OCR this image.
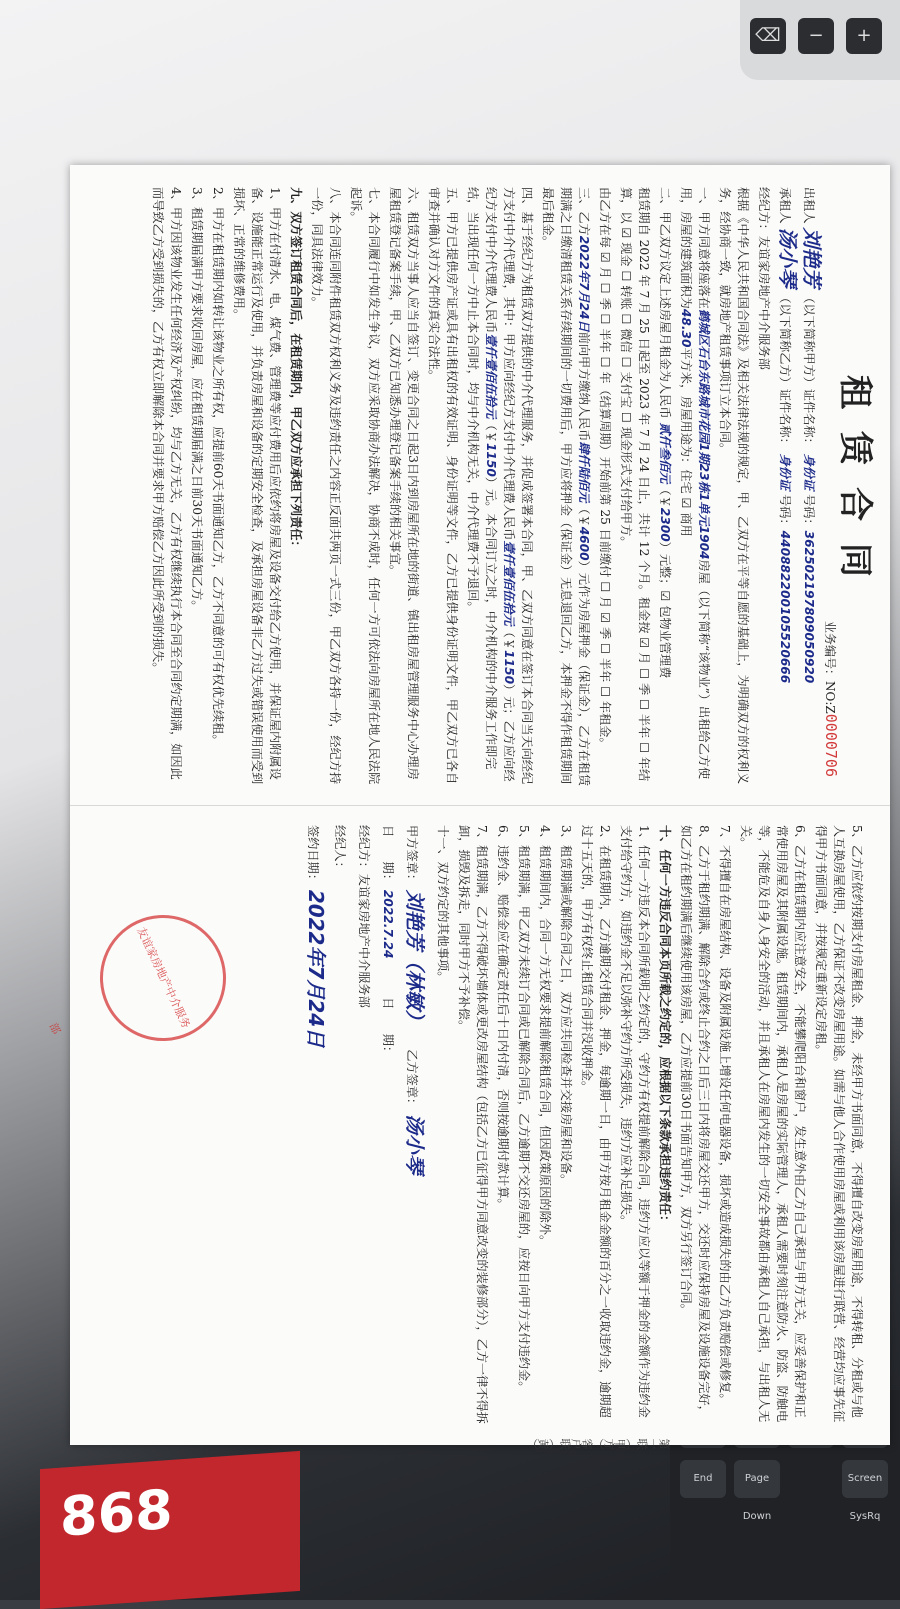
⌫	−	+
868	End	Page Down
Screen SysRq
第一联（甲方）客户联（黄）
租赁合同
业务编号：NO:Z0000706

出租人 刘艳芳 （以下简称甲方）证件名称： 身份证 号码：362502197809050920

承租人 汤小琴 （以下简称乙方）证件名称： 身份证 号码：440882200105520666

经纪方：友谊家房地产中介服务部

根据《中华人民共和国合同法》及相关法律法规的规定，甲、乙双方在平等自愿的基础上，为明确双方的权利义务，经协商一致，就房地产租赁事项订立本合同。

一、甲方同意将座落在鹤城区石台东路城市花园1期23栋1单元1904房屋（以下简称“该物业”）出租给乙方使用，房屋的建筑面积为48.30平方米，房屋用途为：住宅 ☑ 商用

二、甲乙双方议定上述房屋月租金为人民币 贰仟叁佰元（￥2300）元整；☑ 包物业管理费

租赁期自 2022 年 7 月 25 日起至 2023 年 7 月 24 日止，共计 12 个月。租金按 ☑ 月 ☐ 季 ☐ 半年 ☐ 年结算，以 ☑ 现金 ☐ 转账 ☐ 微信 ☐ 支付宝 ☐ 现金形式支付给甲方。

由乙方在每 ☑ 月 ☐ 季 ☐ 半年 ☐ 年（结算周期）开始前第 25 日前缴付 ☐ 月 ☑ 季 ☐ 半年 ☐ 年租金。

三、乙方2022年7月24日前向甲方缴纳人民币肆仟陆佰元（￥4600）元作为房屋押金（保证金），乙方在租赁期满之日缴清租赁关系存续期间的一切费用后，甲方应将押金（保证金）无息退回乙方，本押金不得作租赁期间最后租金。

四、基于经纪方为租赁双方提供的中介代理服务，并促成签署本合同，甲、乙双方同意在签订本合同当天向经纪方支付中介代理费，其中：甲方应向经纪方支付中介代理费人民币壹仟壹佰伍拾元（￥1150）元；乙方应向经纪方支付中介代理费人民币壹仟壹佰伍拾元（￥1150）元。本合同订立之时，中介机构的中介服务工作即完结，当出现任何一方中止本合同时，均与中介机构无关，中介代理费不予退回。

五、甲方已提供房产证或具有出租权的有效证明、身份证明等文件，乙方已提供身份证明文件，甲乙双方已各自审查并确认对方文件的真实合法性。

六、租赁双方当事人应当自签订、变更合同之日起3日内到房屋所在地的街道、镇出租房屋管理服务中心办理房屋租赁登记备案手续，甲、乙双方已知悉办理登记备案手续的相关事宜。

七、本合同履行中如发生争议，双方应采取协商办法解决，协商不成时，任何一方可依法向房屋所在地人民法院起诉。

八、本合同连同附件租赁双方权利义务及违约责任之内容正反面共两页一式三份，甲乙双方各持一份，经纪方持一份，同具法律效力。

九、双方签订租赁合同后，在租赁期内，甲乙双方应承担下列责任：

1、甲方在付清水、电、煤气费、管理费等应付费用后应依约将房屋及设备交付给乙方使用，并保证屋内附属设备、设施能正常运行及使用，并负责房屋和设备的定期安全检查，及承担房屋设备非乙方过失或错误使用而受到损坏、正常的维修费用。

2、甲方在租赁期内如转让该物业之所有权，应提前60天书面通知乙方，乙方不同意的可有权优先续租。

3、租赁期届满甲方要求收回房屋，应在租赁期届满之日前30天书面通知乙方。

4、甲方因该物业发生任何经济及产权纠纷，均与乙方无关，乙方有权继续执行本合同至合同约定期满，如因此而导致乙方受到损失的，乙方有权立即解除本合同并要求甲方赔偿乙方因此所受到的损失。

5、乙方应依约按期支付房屋租金、押金，未经甲方书面同意，不得擅自改变房屋用途，不得转租、分租或与他人互换房屋使用，乙方保证不改变房屋用途。如需与他人合作使用房屋或利用该房屋进行联营、经营均应事先征得甲方书面同意，并按规定重新设定房租。

6、乙方在租赁期内应注意安全，不能攀爬阳台和窗户，发生意外由乙方自己承担与甲方无关，应妥善保护和正常使用房屋及其附属设施。租赁期间内，承租人是房屋的实际管理人，承租人需要时刻注意防火、防盗、防触电等，不能危及自身人身安全的活动，并且承租人在房屋内发生的一切安全事故都由承租人自己承担，与出租人无关。

7、不得擅自在房屋结构、设备及附属设施上增设任何电器设备，损坏或造成损失的由乙方负责赔偿或修复。

8、乙方于租约期满、解除合约或终止合约之日后三日内将房屋交还甲方，交还时应保持房屋及设施设备完好，如乙方在租约期满后继续使用该房屋，乙方应提前30日书面告知甲方，双方另行签订合同。

十、任何一方违反合同本页所载之约定的，应根据以下条款承担违约责任：

1、任何一方违反本合同所载明之约定的，守约方有权提前解除合同，违约方应以等额于押金的金额作为违约金支付给守约方，如违约金不足以弥补守约方所受损失，违约方应补足损失。

2、在租赁期内，乙方逾期交付租金、押金，每逾期一日，由甲方按月租金金额的百分之一收取违约金，逾期超过十五天的，甲方有权终止租赁合同并没收押金。

3、租赁期满或解除合同之日，双方应共同检查并交接房屋和设备。

4、租赁期间内，合同一方无权要求提前解除租赁合同，但因政策原因的除外。

5、租赁期满，甲乙双方未续订合同或已解除合同后，乙方逾期不交还房屋的，应按日向甲方支付违约金。

6、违约金、赔偿金应在确定责任后十日内付清，否则按逾期付款计算。

7、租赁期满，乙方不得破坏墙体或更改房屋结构（包括乙方已征得甲方同意改变的装修部分），乙方一律不得拆卸，损毁及拆走，同时甲方不予补偿。

十一、双方约定的其他事项。

甲方签章： 刘艳芳（林敏）     乙方签章： 汤小琴

日　　期： 2022.7.24          日　　期：

经纪方：友谊家房地产中介服务部

经纪人：

签约日期： 2022年7月24日

友谊家房地产中介服务部
